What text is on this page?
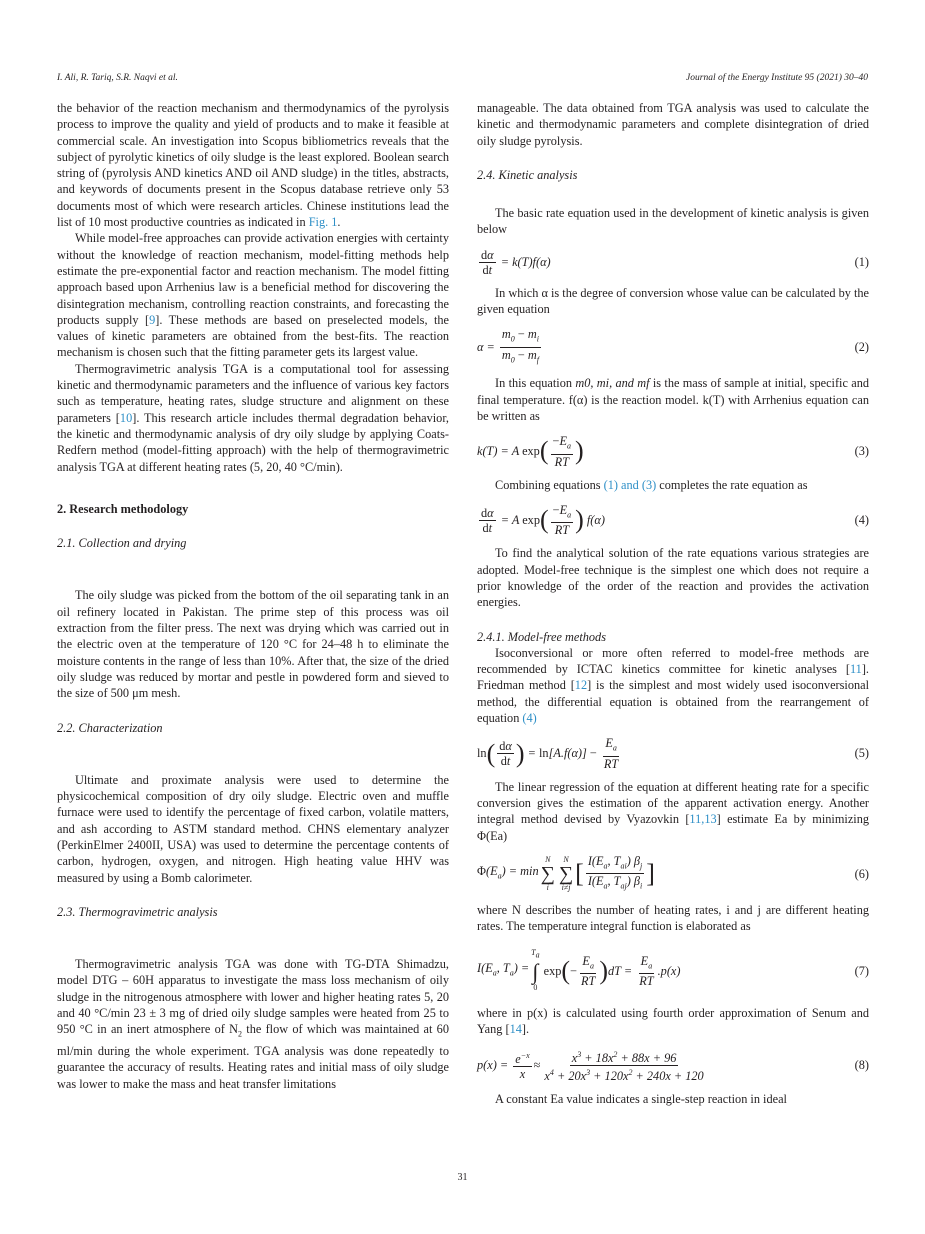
I. Ali, R. Tariq, S.R. Naqvi et al.	Journal of the Energy Institute 95 (2021) 30–40

the behavior of the reaction mechanism and thermodynamics of the pyrolysis process to improve the quality and yield of products and to make it feasible at commercial scale. An investigation into Scopus bibliometrics reveals that the subject of pyrolytic kinetics of oily sludge is the least explored. Boolean search string of (pyrolysis AND kinetics AND oil AND sludge) in the titles, abstracts, and keywords of documents present in the Scopus database retrieve only 53 documents most of which were research articles. Chinese institutions lead the list of 10 most productive countries as indicated in Fig. 1.

While model-free approaches can provide activation energies with certainty without the knowledge of reaction mechanism, model-fitting methods help estimate the pre-exponential factor and reaction mechanism. The model fitting approach based upon Arrhenius law is a beneficial method for discovering the disintegration mechanism, controlling reaction constraints, and forecasting the products supply [9]. These methods are based on preselected models, the values of kinetic parameters are obtained from the best-fits. The reaction mechanism is chosen such that the fitting parameter gets its largest value.

Thermogravimetric analysis TGA is a computational tool for assessing kinetic and thermodynamic parameters and the influence of various key factors such as temperature, heating rates, sludge structure and alignment on these parameters [10]. This research article includes thermal degradation behavior, the kinetic and thermodynamic analysis of dry oily sludge by applying Coats-Redfern method (model-fitting approach) with the help of thermogravimetric analysis TGA at different heating rates (5, 20, 40 °C/min).

2. Research methodology
2.1. Collection and drying

The oily sludge was picked from the bottom of the oil separating tank in an oil refinery located in Pakistan. The prime step of this process was oil extraction from the filter press. The next was drying which was carried out in the electric oven at the temperature of 120 °C for 24–48 h to eliminate the moisture contents in the range of less than 10%. After that, the size of the dried oily sludge was reduced by mortar and pestle in powdered form and sieved to the size of 500 μm mesh.

2.2. Characterization

Ultimate and proximate analysis were used to determine the physicochemical composition of dry oily sludge. Electric oven and muffle furnace were used to identify the percentage of fixed carbon, volatile matters, and ash according to ASTM standard method. CHNS elementary analyzer (PerkinElmer 2400II, USA) was used to determine the percentage contents of carbon, hydrogen, oxygen, and nitrogen. High heating value HHV was measured by using a Bomb calorimeter.

2.3. Thermogravimetric analysis

Thermogravimetric analysis TGA was done with TG-DTA Shimadzu, model DTG – 60H apparatus to investigate the mass loss mechanism of oily sludge in the nitrogenous atmosphere with lower and higher heating rates 5, 20 and 40 °C/min 23 ± 3 mg of dried oily sludge samples were heated from 25 to 950 °C in an inert atmosphere of $N_2$ the flow of which was maintained at 60 ml/min during the whole experiment. TGA analysis was done repeatedly to guarantee the accuracy of results. Heating rates and initial mass of oily sludge was lower to make the mass and heat transfer limitations

manageable. The data obtained from TGA analysis was used to calculate the kinetic and thermodynamic parameters and complete disintegration of dried oily sludge pyrolysis.

2.4. Kinetic analysis

The basic rate equation used in the development of kinetic analysis is given below

$\frac{d\alpha}{dt} = k(T)f(\alpha)$	(1)

In which α is the degree of conversion whose value can be calculated by the given equation

$\alpha = \frac{m_0 - m_i}{m_0 - m_f}$	(2)

In this equation m0, mi, and mf is the mass of sample at initial, specific and final temperature. f(α) is the reaction model. k(T) with Arrhenius equation can be written as

k(T) = A exp ( $\frac{-E_a}{RT}$ )	(3)

Combining equations (1) and (3) completes the rate equation as

$\frac{d\alpha}{dt} = A$ exp ( $\frac{-E_a}{RT}$ ) f(α)	(4)

To find the analytical solution of the rate equations various strategies are adopted. Model-free technique is the simplest one which does not require a prior knowledge of the order of the reaction and provides the activation energies.

2.4.1. Model-free methods

Isoconversional or more often referred to model-free methods are recommended by ICTAC kinetics committee for kinetic analyses [11]. Friedman method [12] is the simplest and most widely used isoconversional method, the differential equation is obtained from the rearrangement of equation (4)

ln ( $\frac{d\alpha}{dt}$ ) = $\ln[A.f(\alpha)] - \frac{E_a}{RT}$	(5)

The linear regression of the equation at different heating rate for a specific conversion gives the estimation of the apparent activation energy. Another integral method devised by Vyazovkin [11,13] estimate Ea by minimizing Φ(Ea)

$\Phi(E_a) = \min$
N
∑
i
N
∑
i≠j [ $\frac{I(E_a, T_{ai}) \beta_j}{I(E_a, T_{aj}) \beta_i}$ ]	(6)

where N describes the number of heating rates, i and j are different heating rates. The temperature integral function is elaborated as

$I(E_a$, $T_a$) =
$T_a$
∫
0
exp ( − $\frac{E_a}{RT}$ ) dT = $\frac{E_a}{RT} .p(x)$	(7)

where in p(x) is calculated using fourth order approximation of Senum and Yang [14].

$p(x) = \frac{e^{-x}}{x} \approx \frac{x^3 + 18x^2 + 88x + 96}{x^4 + 20x^3 + 120x^2 + 240x + 120}$	(8)

A constant Ea value indicates a single-step reaction in ideal

31
